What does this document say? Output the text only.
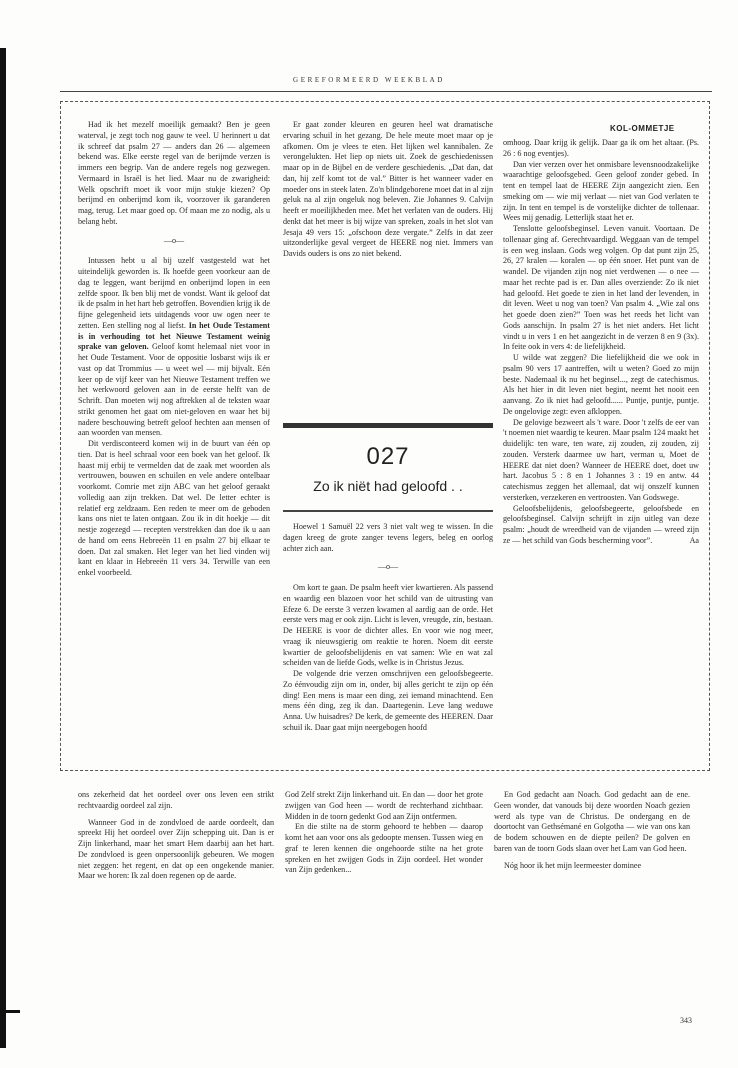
GEREFORMEERD WEEKBLAD

Had ik het mezelf moeilijk gemaakt? Ben je geen waterval, je zegt toch nog gauw te veel. U herinnert u dat ik schreef dat psalm 27 — anders dan 26 — algemeen bekend was. Elke eerste regel van de berijmde verzen is immers een begrip. Van de andere regels nog gezwegen. Vermaard in Israël is het lied. Maar nu de zwarigheid: Welk opschrift moet ik voor mijn stukje kiezen? Op berijmd en onberijmd kom ik, voorzover ik garanderen mag, terug. Let maar goed op. Of maan me zo nodig, als u belang hebt.

—o—

Intussen hebt u al bij uzelf vastgesteld wat het uiteindelijk geworden is. Ik hoefde geen voorkeur aan de dag te leggen, want berijmd en onberijmd lopen in een zelfde spoor. Ik ben blij met de vondst. Want ik geloof dat ik de psalm in het hart heb getroffen. Bovendien krijg ik de fijne gelegenheid iets uitdagends voor uw ogen neer te zetten. Een stelling nog al liefst. In het Oude Testament is in verhouding tot het Nieuwe Testament weinig sprake van geloven. Geloof komt helemaal niet voor in het Oude Testament. Voor de oppositie losbarst wijs ik er vast op dat Trommius — u weet wel — mij bijvalt. Eén keer op de vijf keer van het Nieuwe Testament treffen we het werkwoord geloven aan in de eerste helft van de Schrift. Dan moeten wij nog aftrekken al de teksten waar strikt genomen het gaat om niet-geloven en waar het bij nadere beschouwing betreft geloof hechten aan mensen of aan woorden van mensen.

Dit verdisconteerd komen wij in de buurt van één op tien. Dat is heel schraal voor een boek van het geloof. Ik haast mij erbij te vermelden dat de zaak met woorden als vertrouwen, bouwen en schuilen en vele andere ontelbaar voorkomt. Comrie met zijn ABC van het geloof geraakt volledig aan zijn trekken. Dat wel. De letter echter is relatief erg zeldzaam. Een reden te meer om de geboden kans ons niet te laten ontgaan. Zou ik in dit hoekje — dit nestje zogezegd — recepten verstrekken dan doe ik u aan de hand om eens Hebreeën 11 en psalm 27 bij elkaar te doen. Dat zal smaken. Het leger van het lied vinden wij kant en klaar in Hebreeën 11 vers 34. Terwille van een enkel voorbeeld.

Er gaat zonder kleuren en geuren heel wat dramatische ervaring schuil in het gezang. De hele meute moet maar op je afkomen. Om je vlees te eten. Het lijken wel kannibalen. Ze verongelukten. Het liep op niets uit. Zoek de geschiedenissen maar op in de Bijbel en de verdere geschiedenis. „Dat dan, dat dan, hij zelf komt tot de val.” Bitter is het wanneer vader en moeder ons in steek laten. Zo'n blindgeborene moet dat in al zijn geluk na al zijn ongeluk nog beleven. Zie Johannes 9. Calvijn heeft er moeilijkheden mee. Met het verlaten van de ouders. Hij denkt dat het meer is bij wijze van spreken, zoals in het slot van Jesaja 49 vers 15: „ofschoon deze vergate.” Zelfs in dat zeer uitzonderlijke geval vergeet de HEERE nog niet. Immers van Davids ouders is ons zo niet bekend.

027
Zo ik niët had geloofd . .

Hoewel 1 Samuël 22 vers 3 niet valt weg te wissen. In die dagen kreeg de grote zanger tevens legers, beleg en oorlog achter zich aan.

—o—

Om kort te gaan. De psalm heeft vier kwartieren. Als passend en waardig een blazoen voor het schild van de uitrusting van Efeze 6. De eerste 3 verzen kwamen al aardig aan de orde. Het eerste vers mag er ook zijn. Licht is leven, vreugde, zin, bestaan. De HEERE is voor de dichter alles. En voor wie nog meer, vraag ik nieuwsgierig om reaktie te horen. Noem dit eerste kwartier de geloofsbelijdenis en vat samen: Wie en wat zal scheiden van de liefde Gods, welke is in Christus Jezus.

De volgende drie verzen omschrijven een geloofsbegeerte. Zo éénvoudig zijn om in, onder, bij alles gericht te zijn op één ding! Een mens is maar een ding, zei iemand minachtend. Een mens één ding, zeg ik dan. Daartegenin. Leve lang weduwe Anna. Uw huisadres? De kerk, de gemeente des HEEREN. Daar schuil ik. Daar gaat mijn neergebogen hoofd

KOL-OMMETJE

omhoog. Daar krijg ik gelijk. Daar ga ik om het altaar. (Ps. 26 : 6 nog eventjes).

Dan vier verzen over het onmisbare levensnoodzakelijke waarachtige geloofsgebed. Geen geloof zonder gebed. In tent en tempel laat de HEERE Zijn aangezicht zien. Een smeking om — wie mij verlaat — niet van God verlaten te zijn. In tent en tempel is de vorstelijke dichter de tollenaar. Wees mij genadig. Letterlijk staat het er.

Tenslotte geloofsbeginsel. Leven vanuit. Voortaan. De tollenaar ging af. Gerechtvaardigd. Weggaan van de tempel is een weg inslaan. Gods weg volgen. Op dat punt zijn 25, 26, 27 kralen — koralen — op één snoer. Het punt van de wandel. De vijanden zijn nog niet verdwenen — o nee — maar het rechte pad is er. Dan alles overziende: Zo ik niet had geloofd. Het goede te zien in het land der levenden, in dit leven. Weet u nog van toen? Van psalm 4. „Wie zal ons het goede doen zien?” Toen was het reeds het licht van Gods aanschijn. In psalm 27 is het niet anders. Het licht vindt u in vers 1 en het aangezicht in de verzen 8 en 9 (3x). In feite ook in vers 4: de liefelijkheid.

U wilde wat zeggen? Die liefelijkheid die we ook in psalm 90 vers 17 aantreffen, wilt u weten? Goed zo mijn beste. Nademaal ik nu het beginsel..., zegt de catechismus. Als het hier in dit leven niet begint, neemt het nooit een aanvang. Zo ik niet had geloofd...... Puntje, puntje, puntje. De ongelovige zegt: even afkloppen.

De gelovige bezweert als 't ware. Door 't zelfs de eer van 't noemen niet waardig te keuren. Maar psalm 124 maakt het duidelijk: ten ware, ten ware, zij zouden, zij zouden, zij zouden. Versterk daarmee uw hart, verman u, Moet de HEERE dat niet doen? Wanneer de HEERE doet, doet uw hart. Jacobus 5 : 8 en 1 Johannes 3 : 19 en antw. 44 catechismus zeggen het allemaal, dat wij onszelf kunnen versterken, verzekeren en vertroosten. Van Godswege.

Geloofsbelijdenis, geloofsbegeerte, geloofsbede en geloofsbeginsel. Calvijn schrijft in zijn uitleg van deze psalm: „houdt de wreedheid van de vijanden — wreed zijn ze — het schild van Gods bescherming voor”.	Aa

ons zekerheid dat het oordeel over ons leven een strikt rechtvaardig oordeel zal zijn.

Wanneer God in de zondvloed de aarde oordeelt, dan spreekt Hij het oordeel over Zijn schepping uit. Dan is er Zijn linkerhand, maar het smart Hem daarbij aan het hart. De zondvloed is geen onpersoonlijk gebeuren. We mogen niet zeggen: het regent, en dat op een ongekende manier. Maar we horen: Ik zal doen regenen op de aarde.

God Zelf strekt Zijn linkerhand uit. En dan — door het grote zwijgen van God heen — wordt de rechterhand zichtbaar. Midden in de toorn gedenkt God aan Zijn ontfermen.

En die stilte na de storm gehoord te hebben — daarop komt het aan voor ons als gedoopte mensen. Tussen wieg en graf te leren kennen die ongehoorde stilte na het grote spreken en het zwijgen Gods in Zijn oordeel. Het wonder van Zijn gedenken...

En God gedacht aan Noach. God gedacht aan de ene. Geen wonder, dat vanouds bij deze woorden Noach gezien werd als type van de Christus. De ondergang en de doortocht van Gethsémané en Golgotha — wie van ons kan de bodem schouwen en de diepte peilen? De golven en baren van de toorn Gods slaan over het Lam van God heen.

Nóg hoor ik het mijn leermeester dominee

343
